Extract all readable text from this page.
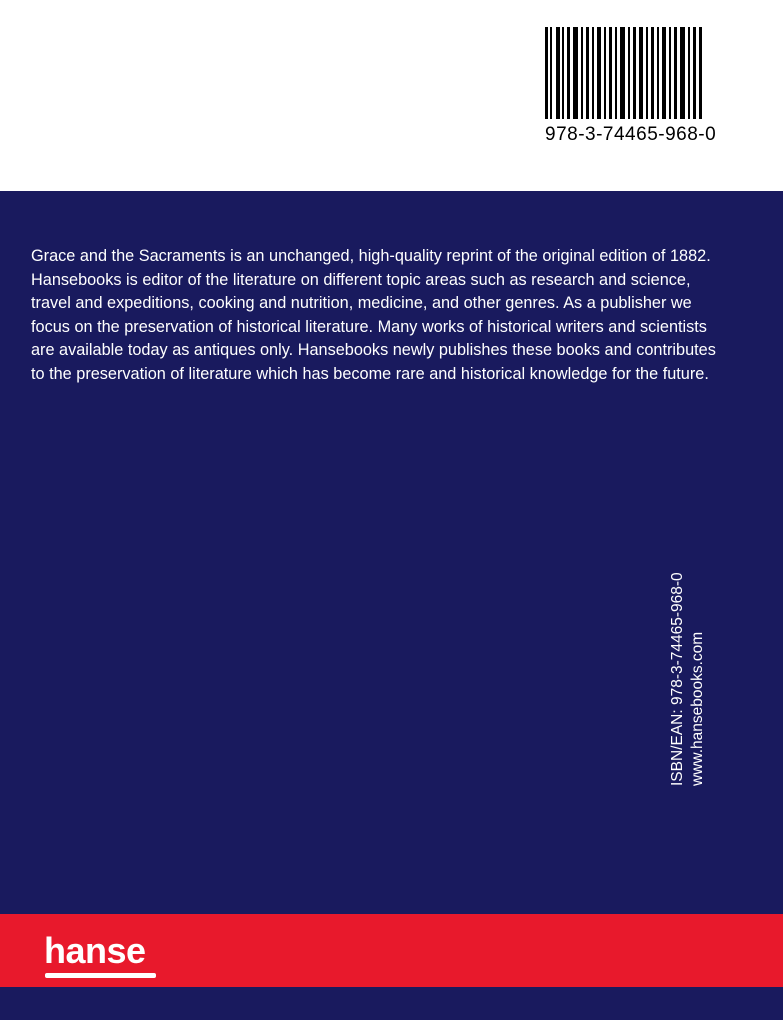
978-3-74465-968-0

Grace and the Sacraments is an unchanged, high-quality reprint of the original edition of 1882.

Hansebooks is editor of the literature on different topic areas such as research and science, travel and expeditions, cooking and nutrition, medicine, and other genres. As a publisher we focus on the preservation of historical literature. Many works of historical writers and scientists are available today as antiques only. Hansebooks newly publishes these books and contributes to the preservation of literature which has become rare and historical knowledge for the future.

ISBN/EAN: 978-3-74465-968-0 www.hansebooks.com
hanse
